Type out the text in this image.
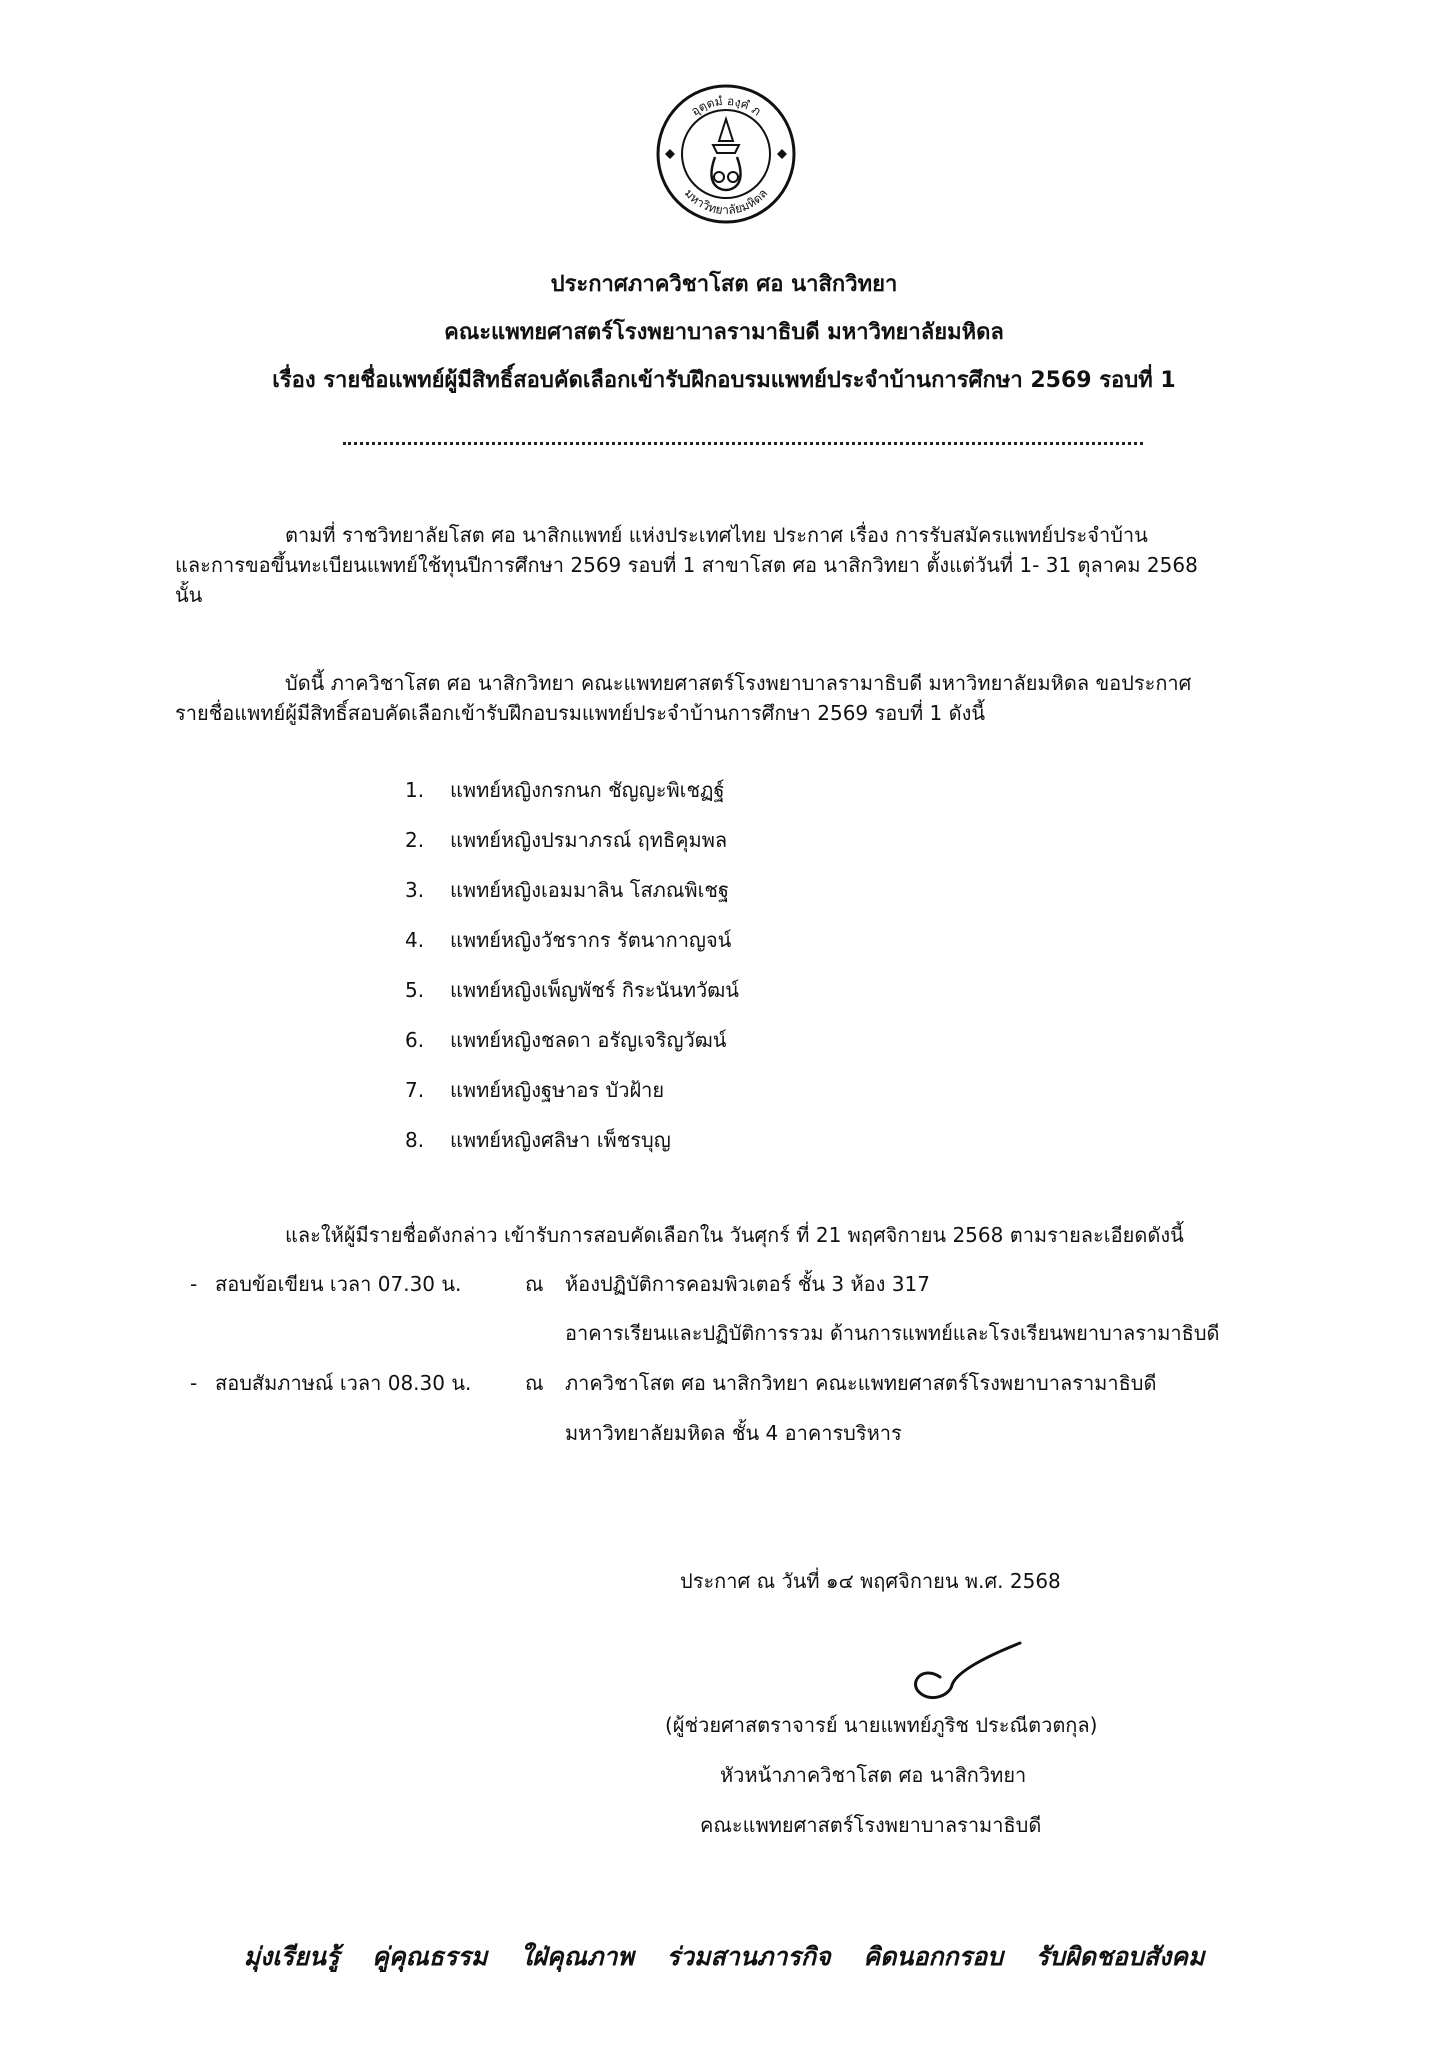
อุตฺตมํ องฺคํ ภ
มหาวิทยาลัยมหิดล
ประกาศภาควิชาโสต ศอ นาสิกวิทยา
คณะแพทยศาสตร์โรงพยาบาลรามาธิบดี มหาวิทยาลัยมหิดล
เรื่อง รายชื่อแพทย์ผู้มีสิทธิ์สอบคัดเลือกเข้ารับฝึกอบรมแพทย์ประจำบ้านการศึกษา 2569 รอบที่ 1
ตามที่ ราชวิทยาลัยโสต ศอ นาสิกแพทย์ แห่งประเทศไทย ประกาศ เรื่อง การรับสมัครแพทย์ประจำบ้าน
และการขอขึ้นทะเบียนแพทย์ใช้ทุนปีการศึกษา 2569 รอบที่ 1 สาขาโสต ศอ นาสิกวิทยา ตั้งแต่วันที่ 1- 31 ตุลาคม 2568
นั้น
บัดนี้ ภาควิชาโสต ศอ นาสิกวิทยา คณะแพทยศาสตร์โรงพยาบาลรามาธิบดี มหาวิทยาลัยมหิดล ขอประกาศ
รายชื่อแพทย์ผู้มีสิทธิ์สอบคัดเลือกเข้ารับฝึกอบรมแพทย์ประจำบ้านการศึกษา 2569 รอบที่ 1 ดังนี้
1.	แพทย์หญิงกรกนก ชัญญะพิเชฏฐ์
2.	แพทย์หญิงปรมาภรณ์ ฤทธิคุมพล
3.	แพทย์หญิงเอมมาลิน โสภณพิเชฐ
4.	แพทย์หญิงวัชรากร รัตนากาญจน์
5.	แพทย์หญิงเพ็ญพัชร์ กิระนันทวัฒน์
6.	แพทย์หญิงชลดา อรัญเจริญวัฒน์
7.	แพทย์หญิงฐษาอร บัวฝ้าย
8.	แพทย์หญิงศลิษา เพ็ชรบุญ
และให้ผู้มีรายชื่อดังกล่าว เข้ารับการสอบคัดเลือกใน วันศุกร์ ที่ 21 พฤศจิกายน 2568 ตามรายละเอียดดังนี้
- สอบข้อเขียน เวลา 07.30 น.	ณ ห้องปฏิบัติการคอมพิวเตอร์ ชั้น 3 ห้อง 317
อาคารเรียนและปฏิบัติการรวม ด้านการแพทย์และโรงเรียนพยาบาลรามาธิบดี
- สอบสัมภาษณ์ เวลา 08.30 น.	ณ ภาควิชาโสต ศอ นาสิกวิทยา คณะแพทยศาสตร์โรงพยาบาลรามาธิบดี
มหาวิทยาลัยมหิดล ชั้น 4 อาคารบริหาร
ประกาศ ณ วันที่ ๑๔ พฤศจิกายน พ.ศ. 2568
(ผู้ช่วยศาสตราจารย์ นายแพทย์ภูริช ประณีตวตกุล)
หัวหน้าภาควิชาโสต ศอ นาสิกวิทยา
คณะแพทยศาสตร์โรงพยาบาลรามาธิบดี
มุ่งเรียนรู้ คู่คุณธรรม ใฝ่คุณภาพ ร่วมสานภารกิจ คิดนอกกรอบ รับผิดชอบสังคม
